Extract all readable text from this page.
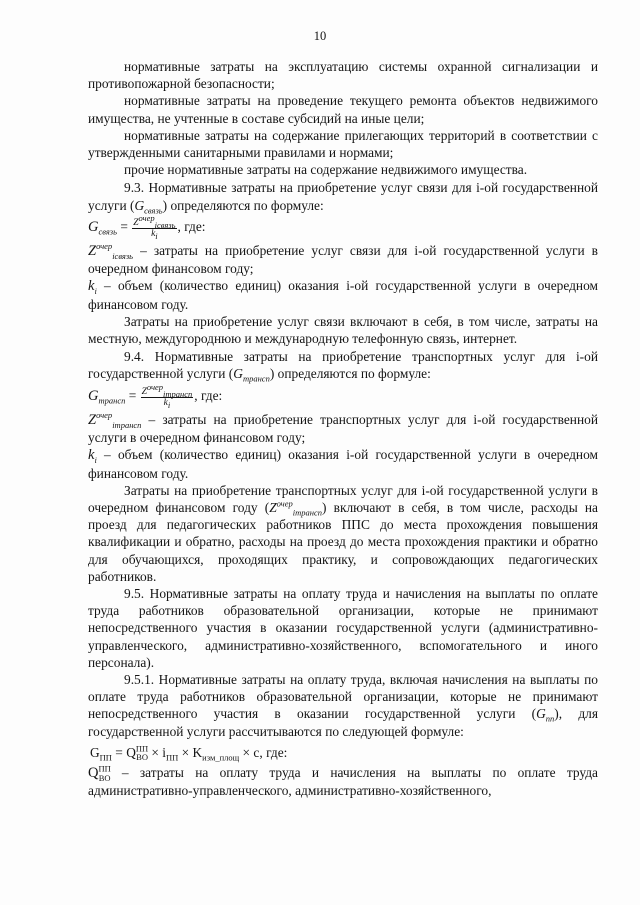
10

нормативные затраты на эксплуатацию системы охранной сигнализации и противопожарной безопасности;

нормативные затраты на проведение текущего ремонта объектов недвижимого имущества, не учтенные в составе субсидий на иные цели;

нормативные затраты на содержание прилегающих территорий в соответствии с утвержденными санитарными правилами и нормами;

прочие нормативные затраты на содержание недвижимого имущества.

9.3. Нормативные затраты на приобретение услуг связи для i-ой государственной услуги $(G_{связь})$ определяются по формуле:

$G_{связь} = \frac{Z^{очер}_{iсвязь}}{k_i}$ , где:

$Z^{очер}_{iсвязь}$ – затраты на приобретение услуг связи для i-ой государственной услуги в очередном финансовом году;

$k_i$ – объем (количество единиц) оказания i-ой государственной услуги в очередном финансовом году.

Затраты на приобретение услуг связи включают в себя, в том числе, затраты на местную, междугороднюю и международную телефонную связь, интернет.

9.4. Нормативные затраты на приобретение транспортных услуг для i-ой государственной услуги $(G_{трансп})$ определяются по формуле:

$G_{трансп} = \frac{Z^{очер}_{iтрансп}}{k_i}$ , где:

$Z^{очер}_{iтрансп}$ – затраты на приобретение транспортных услуг для i-ой государственной услуги в очередном финансовом году;

$k_i$ – объем (количество единиц) оказания i-ой государственной услуги в очередном финансовом году.

Затраты на приобретение транспортных услуг для i-ой государственной услуги в очередном финансовом году $(Z^{очер}_{iтрансп})$ включают в себя, в том числе, расходы на проезд для педагогических работников ППС до места прохождения повышения квалификации и обратно, расходы на проезд до места прохождения практики и обратно для обучающихся, проходящих практику, и сопровождающих педагогических работников.

9.5. Нормативные затраты на оплату труда и начисления на выплаты по оплате труда работников образовательной организации, которые не принимают непосредственного участия в оказании государственной услуги (административно-управленческого, административно-хозяйственного, вспомогательного и иного персонала).

9.5.1. Нормативные затраты на оплату труда, включая начисления на выплаты по оплате труда работников образовательной организации, которые не принимают непосредственного участия в оказании государственной услуги $(G_{пп})$, для государственной услуги рассчитываются по следующей формуле:

$G_{ПП} = Q^{ПП}_{ВО} \times i_{ПП} \times K_{изм\_площ} \times c$, где:

$Q^{ПП}_{ВО}$ – затраты на оплату труда и начисления на выплаты по оплате труда административно-управленческого, административно-хозяйственного,
